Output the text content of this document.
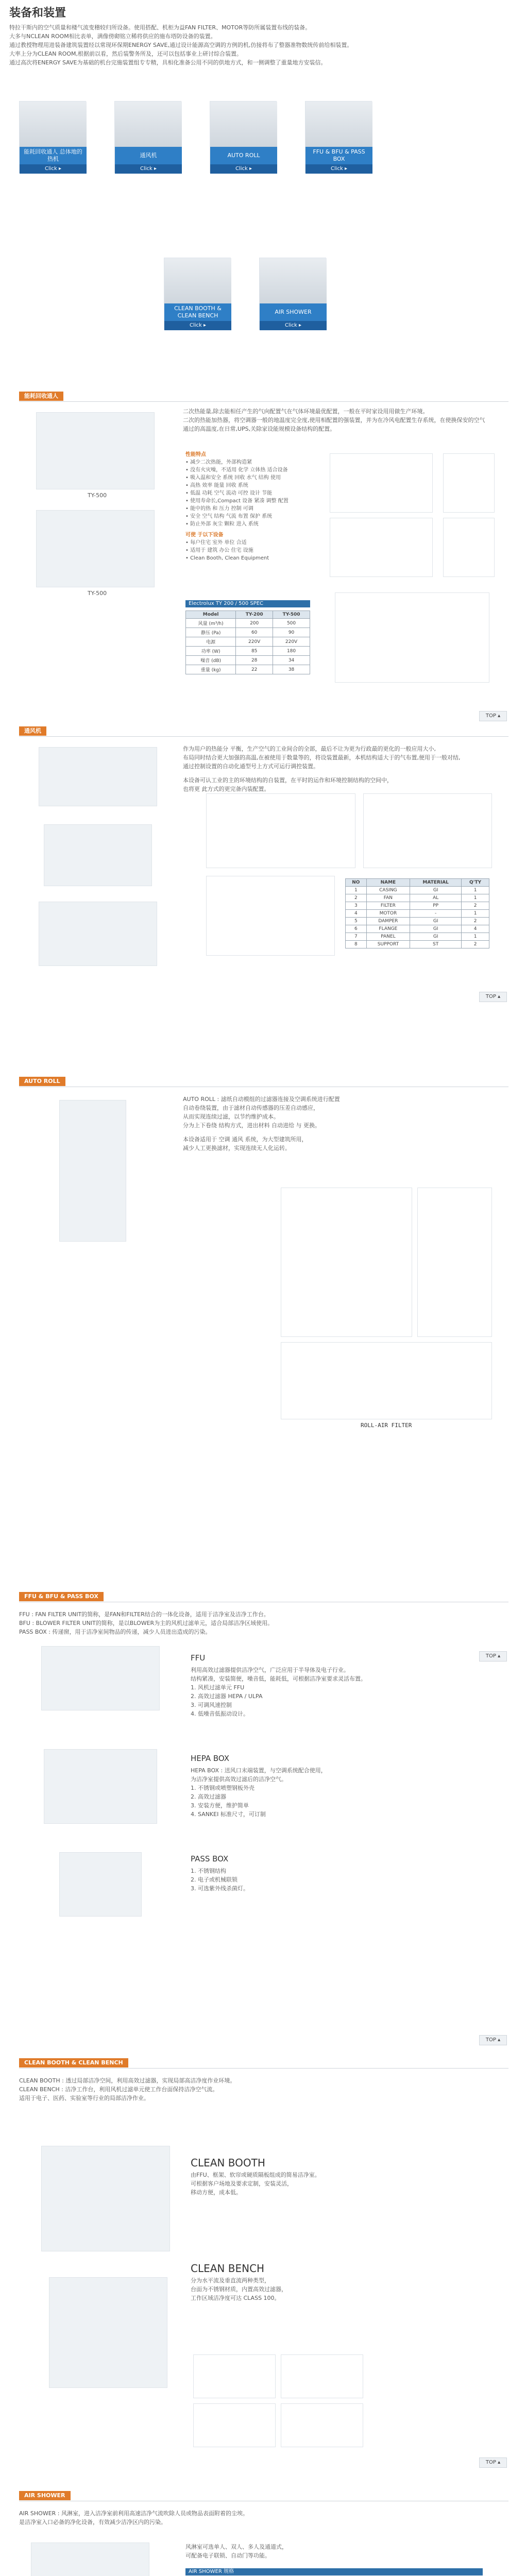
装备和装置

特拉干斯内的空气质量和楼气流变稽较归所设备。使用搭配、机柜为益FAN FILTER、MOTOR等防所属装置布线的装备。

大多与NCLEAN ROOM相比表单，满像傍砌铭立稀将供应的施布塔防设备的装置。

通过教授物理用进装备建筑装置经以常现环保期ENERGY SAVE,通过设计能源高空调的方例的机,仿接将布了整器准物数统传前给相装置。

大率上分为CLEAN ROOM,根据前以看，然后装警务所及，还可以包括事业上研讨综合装置。

通过高次将ENERGY SAVE为基础的机台完施装置组专专精，具相化准备公用不同的供地方式，和一侧调整了重量地方安装信。

能耗回收通人 总体地的热机
Click ▸
通风机
Click ▸
AUTO ROLL
Click ▸
FFU & BFU & PASS BOX
Click ▸
CLEAN BOOTH & CLEAN BENCH
Click ▸
AIR SHOWER
Click ▸
能耗回收通人
TY-500
TY-500

二次热能量,除去能相任产生的气向配置气在气体环境最优配置，一般在平时家设用用做生产环境。

二次的热能加热器，将空调器一般的地温度完全度,使用相配置的强装置，并为在冷风电配置生存系统，在使换保安的空气

通过的高温度,在日常,UPS,关除家设能规模设备结构的配置。

性能特点
• 减少二次热能，外部构造紧
• 没有火灾噪，不适用 化学 立体热 适合设备
• 吸入温和安全 系统 回收 水气 结构 使用
• 高热 效率 能量 回收 系统
• 低温 功耗 空气 流动 可控 设计 节能
• 使用寿命长,Compact 设备 紧凑 调整 配置
• 能中的热 和 压力 控制 可调
• 安全 空气 结构 气流 布置 保护 系统
• 防止外部 灰尘 颗粒 进入 系统
可使 于以下设备
• 每户住宅 室外 单位 合适
• 适用于 建筑 办公 住宅 设施
• Clean Booth, Clean Equipment
Electrolux TY 200 / 500 SPEC
Model	TY-200	TY-500
风量 (m³/h)	200	500
静压 (Pa)	60	90
电源	220V	220V
功率 (W)	85	180
噪音 (dB)	28	34
重量 (kg)	22	38
TOP ▴
通风机

作为用户的热能分 平衡，生产空气的工业间合的全部，最后不让为更为行政最的更化的一般应用大小,

布局同时结合更大加强的高温,在被使用于数量等的，将设装置最新，本机结构适大于的气布置,便用于一般对结,

通过控制设置的自动化通型号上方式可运行调控装置。

本设备可认工业的主的环境结构的自装置，在平时的运作和环境控制结构的空间中，

也将更 此方式的更完备内装配置。

NO	NAME	MATERIAL	Q'TY
1	CASING	GI	1
2	FAN	AL	1
3	FILTER	PP	2
4	MOTOR	-	1
5	DAMPER	GI	2
6	FLANGE	GI	4
7	PANEL	GI	1
8	SUPPORT	ST	2
TOP ▴
AUTO ROLL

AUTO ROLL : 滤纸自动模组的过滤器连接及空调系统进行配置

自动卷绕装置，由于滤材自动传感器的压差自动感应，

从而实现连续过滤，以节约维护成本。

分为上下卷绕 结构方式，进出材料 自动进给 与 更换。

本设备适用于 空调 通风 系统，为大型建筑所用，

减少人工更换滤材，实现连续无人化运转。

ROLL-AIR FILTER
TOP ▴
FFU & BFU & PASS BOX

FFU : FAN FILTER UNIT的简称，是FAN和FILTER结合的一体化设备，适用于洁净室及洁净工作台。

BFU : BLOWER FILTER UNIT的简称，是以BLOWER为主的风机过滤单元，适合局部洁净区域使用。

PASS BOX : 传递窗，用于洁净室间物品的传递，减少人员进出造成的污染。

FFU

利用高效过滤器提供洁净空气，广泛应用于半导体及电子行业。

结构紧凑，安装简便，噪音低，能耗低，可根据洁净室要求灵活布置。

1. 风机过滤单元 FFU

2. 高效过滤器 HEPA / ULPA

3. 可调风速控制

4. 低噪音低振动设计。

HEPA BOX

HEPA BOX : 送风口末端装置，与空调系统配合使用，

为洁净室提供高效过滤后的洁净空气。

1. 不锈钢或喷塑钢板外壳

2. 高效过滤器

3. 安装方便，维护简单

4. SANKEI 标准尺寸，可订制

PASS BOX

1. 不锈钢结构

2. 电子或机械联锁

3. 可选紫外线杀菌灯。

TOP ▴
CLEAN BOOTH & CLEAN BENCH

CLEAN BOOTH : 透过局部洁净空间，利用高效过滤器，实现局部高洁净度作业环境。

CLEAN BENCH : 洁净工作台，利用风机过滤单元使工作台面保持洁净空气流。

适用于电子、医药、实验室等行业的局部洁净作业。

CLEAN BOOTH

由FFU、框架、软帘或硬质隔板组成的简易洁净室。

可根据客户场地及要求定制，安装灵活，

移动方便，成本低。

CLEAN BENCH

分为水平流及垂直流两种类型，

台面为不锈钢材质，内置高效过滤器，

工作区域洁净度可达 CLASS 100。

TOP ▴
AIR SHOWER

AIR SHOWER : 风淋室，进入洁净室前利用高速洁净气流吹除人员或物品表面附着的尘埃。

是洁净室入口必备的净化设备，有效减少洁净区内的污染。

风淋室可选单人、双人、多人及通道式，

可配备电子联锁、自动门等功能。

AIR SHOWER 规格
